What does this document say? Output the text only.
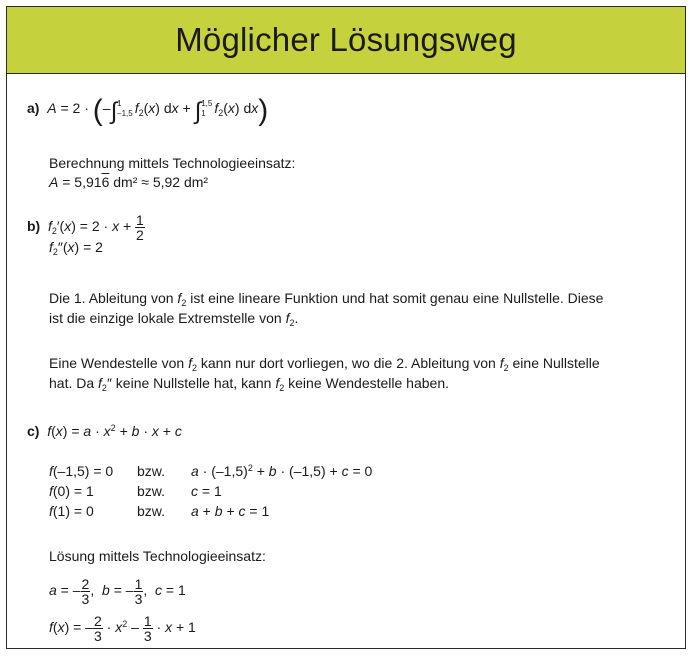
Möglicher Lösungsweg
a) A = 2 · (–∫ 1
–1,5 $f_2(x)$ dx + ∫ 1,5
1 $f_2(x)$ dx)
Berechnung mittels Technologieeinsatz:
A = 5,916 dm² ≈ 5,92 dm²
b) $f_2'(x) = 2 \cdot x + \frac{1}{2}$
$f_2''(x) = 2$
Die 1. Ableitung von $f_2$ ist eine lineare Funktion und hat somit genau eine Nullstelle. Diese
ist die einzige lokale Extremstelle von $f_2$.
Eine Wendestelle von $f_2$ kann nur dort vorliegen, wo die 2. Ableitung von $f_2$ eine Nullstelle
hat. Da $f_2''$ keine Nullstelle hat, kann $f_2$ keine Wendestelle haben.
c) $f(x) = a \cdot x^2 + b \cdot x + c$
f(–1,5) = 0 bzw. $a \cdot (-1,5)^2 + b \cdot (-1,5) + c = 0$
f(0) = 1	bzw. c = 1
f(1) = 0	bzw. a + b + c = 1
Lösung mittels Technologieeinsatz:
a = – $\frac{2}{3}$ ,  b = – $\frac{1}{3}$ ,  c = 1
f(x) = – $\frac{2}{3} \cdot x^2 - \frac{1}{3} \cdot x + 1$
